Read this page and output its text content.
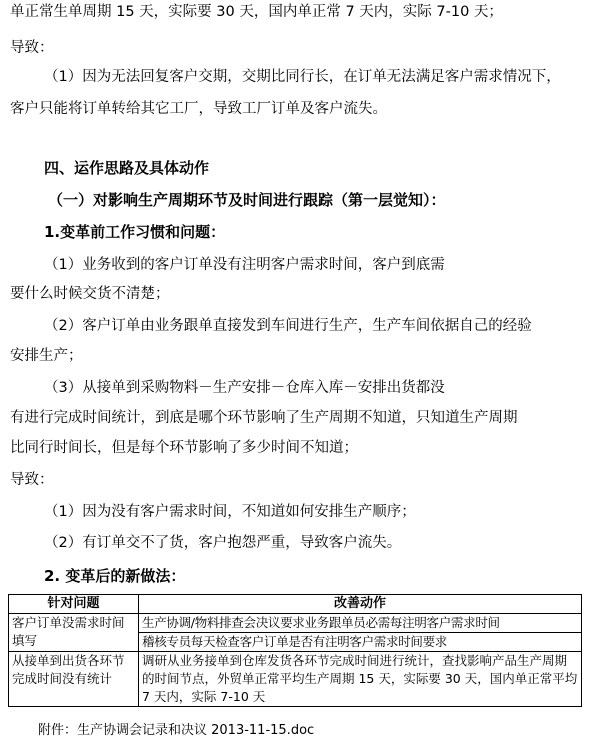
单正常生单周期 15 天，实际要 30 天，国内单正常 7 天内，实际 7-10 天；
导致：
（1）因为无法回复客户交期，交期比同行长，在订单无法满足客户需求情况下，
客户只能将订单转给其它工厂，导致工厂订单及客户流失。
四、运作思路及具体动作
（一）对影响生产周期环节及时间进行跟踪（第一层觉知）：
1.变革前工作习惯和问题：
（1）业务收到的客户订单没有注明客户需求时间，客户到底需
要什么时候交货不清楚；
（2）客户订单由业务跟单直接发到车间进行生产，生产车间依据自己的经验
安排生产；
（3）从接单到采购物料－生产安排－仓库入库－安排出货都没
有进行完成时间统计，到底是哪个环节影响了生产周期不知道，只知道生产周期
比同行时间长，但是每个环节影响了多少时间不知道；
导致：
（1）因为没有客户需求时间，不知道如何安排生产顺序；
（2）有订单交不了货，客户抱怨严重，导致客户流失。
2. 变革后的新做法：
针对问题	改善动作
客户订单没需求时间填写	生产协调/物料排查会决议要求业务跟单员必需每注明客户需求时间
	稽核专员每天检查客户订单是否有注明客户需求时间要求
从接单到出货各环节完成时间没有统计	调研从业务接单到仓库发货各环节完成时间进行统计，查找影响产品生产周期的时间节点，外贸单正常平均生产周期 15 天，实际要 30 天，国内单正常平均 7 天内，实际 7-10 天
附件：生产协调会记录和决议 2013-11-15.doc
